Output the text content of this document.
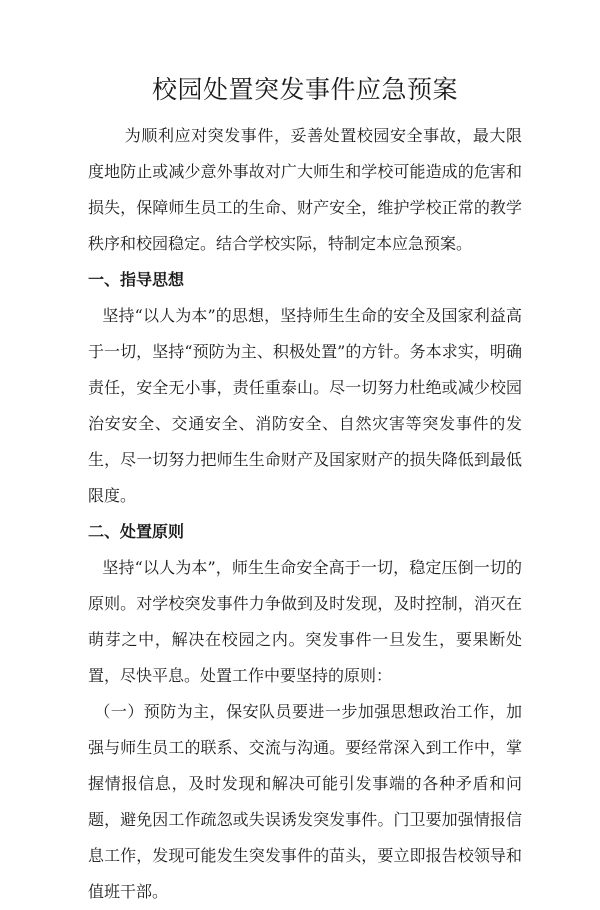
校园处置突发事件应急预案

为顺利应对突发事件，妥善处置校园安全事故，最大限度地防止或减少意外事故对广大师生和学校可能造成的危害和损失，保障师生员工的生命、财产安全，维护学校正常的教学秩序和校园稳定。结合学校实际，特制定本应急预案。

一、指导思想

坚持“以人为本”的思想，坚持师生生命的安全及国家利益高于一切，坚持“预防为主、积极处置”的方针。务本求实，明确责任，安全无小事，责任重泰山。尽一切努力杜绝或减少校园治安安全、交通安全、消防安全、自然灾害等突发事件的发生，尽一切努力把师生生命财产及国家财产的损失降低到最低限度。

二、处置原则

坚持“以人为本”，师生生命安全高于一切，稳定压倒一切的原则。对学校突发事件力争做到及时发现，及时控制，消灭在萌芽之中，解决在校园之内。突发事件一旦发生，要果断处置，尽快平息。处置工作中要坚持的原则：

（一）预防为主，保安队员要进一步加强思想政治工作，加强与师生员工的联系、交流与沟通。要经常深入到工作中，掌握情报信息，及时发现和解决可能引发事端的各种矛盾和问题，避免因工作疏忽或失误诱发突发事件。门卫要加强情报信息工作，发现可能发生突发事件的苗头，要立即报告校领导和值班干部。
